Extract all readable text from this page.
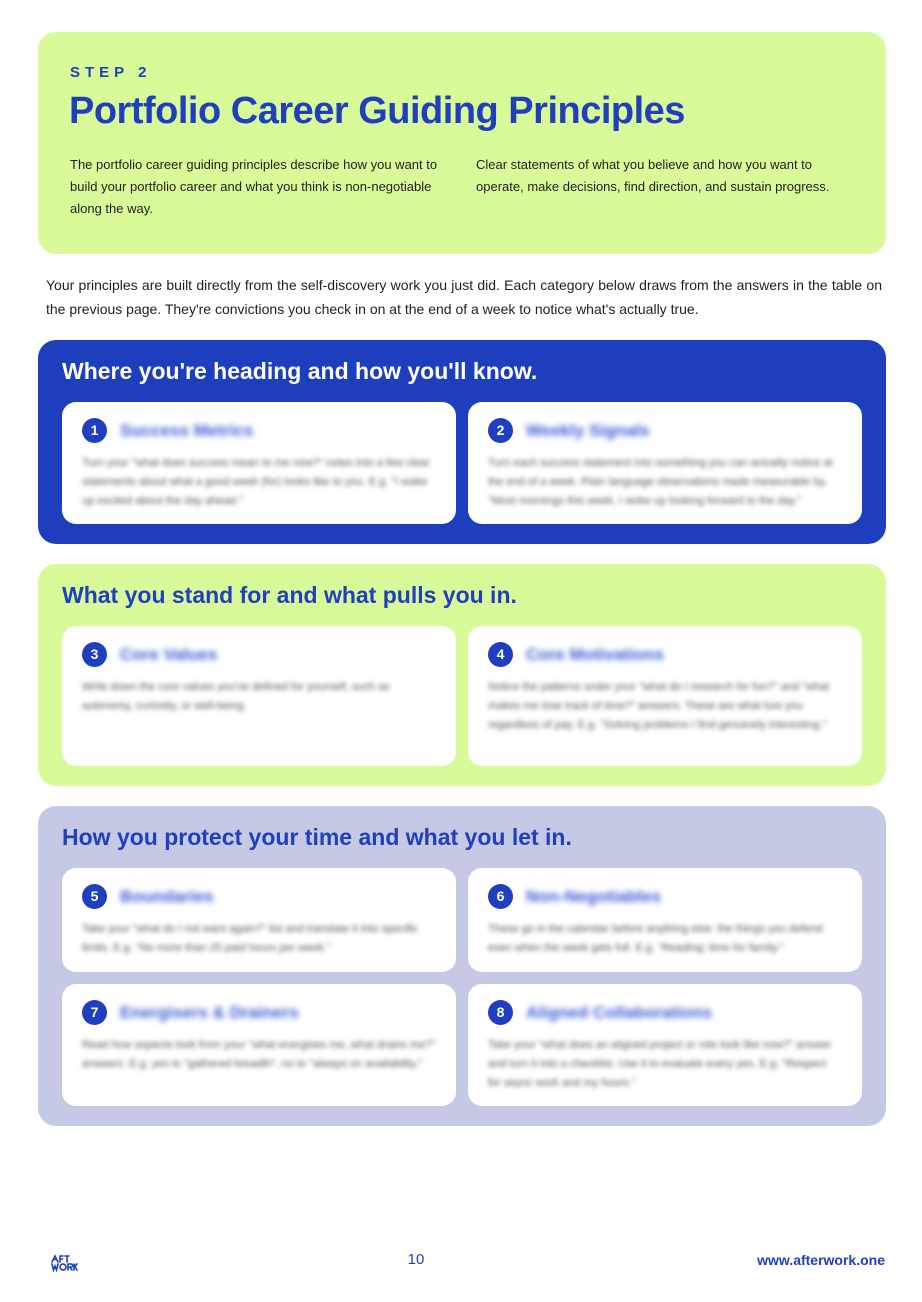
STEP 2
Portfolio Career Guiding Principles
The portfolio career guiding principles describe how you want to build your portfolio career and what you think is non-negotiable along the way.
Clear statements of what you believe and how you want to operate, make decisions, find direction, and sustain progress.
Your principles are built directly from the self-discovery work you just did. Each category below draws from the answers in the table on the previous page. They're convictions you check in on at the end of a week to notice what's actually true.
Where you're heading and how you'll know.
1	Success Metrics
Turn your "what does success mean to me now?" notes into a few clear statements about what a good week (for) looks like to you. E.g. "I wake up excited about the day ahead."
2	Weekly Signals
Turn each success statement into something you can actually notice at the end of a week. Plain language observations made measurable by. "Most mornings this week, I woke up looking forward to the day."
What you stand for and what pulls you in.
3	Core Values
Write down the core values you've defined for yourself, such as autonomy, curiosity, or well-being.
4	Core Motivations
Notice the patterns under your "what do I research for fun?" and "what makes me lose track of time?" answers. These are what lure you regardless of pay. E.g. "Solving problems I find genuinely interesting."
How you protect your time and what you let in.
5	Boundaries
Take your "what do I not want again?" list and translate it into specific limits. E.g. "No more than 25 paid hours per week."
6	Non-Negotiables
These go in the calendar before anything else: the things you defend even when the week gets full. E.g. "Reading; time for family."
7	Energisers & Drainers
Read how aspects look from your "what energises me, what drains me?" answers. E.g. yes to "gathered breadth", no to "always on availability."
8	Aligned Collaborations
Take your "what does an aligned project or role look like now?" answer and turn it into a checklist. Use it to evaluate every yes. E.g. "Respect for async work and my hours."
10	www.afterwork.one
